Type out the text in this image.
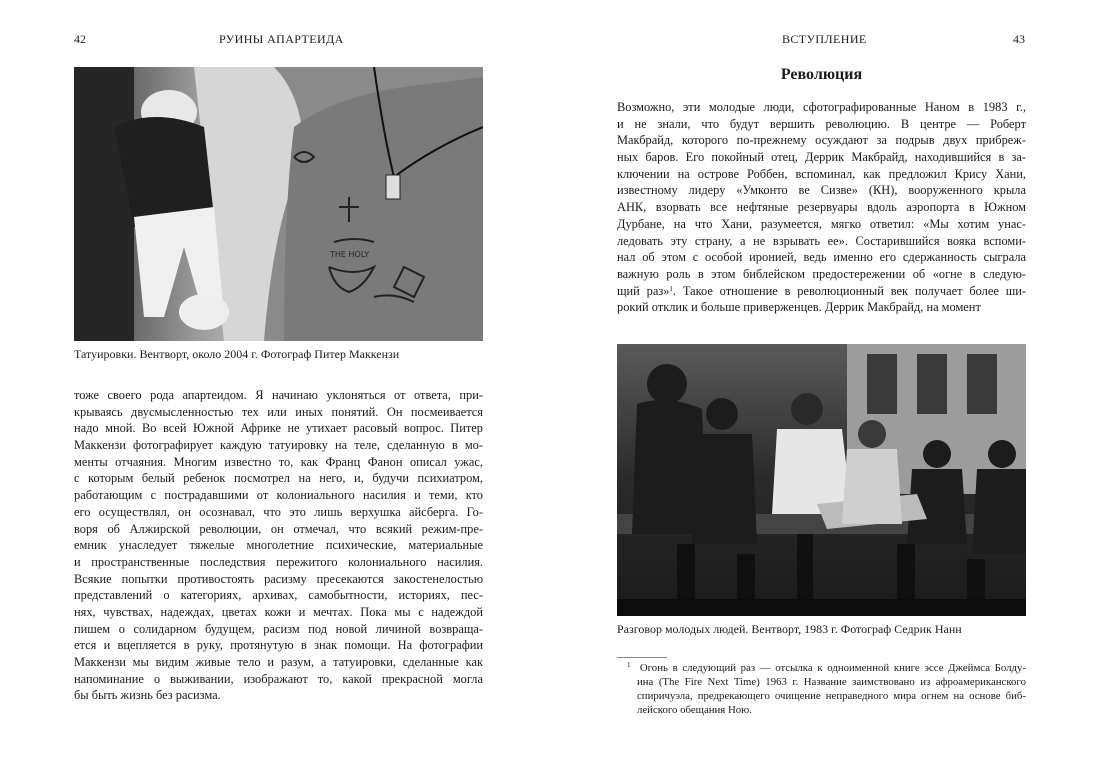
42	РУИНЫ АПАРТЕИДА
THE HOLY
Татуировки. Вентворт, около 2004 г. Фотограф Питер Маккензи
тоже своего рода апартеидом. Я начинаю уклоняться от ответа, при-
крываясь двусмысленностью тех или иных понятий. Он посмеивается
надо мной. Во всей Южной Африке не утихает расовый вопрос. Питер
Маккензи фотографирует каждую татуировку на теле, сделанную в мо-
менты отчаяния. Многим известно то, как Франц Фанон описал ужас,
с которым белый ребенок посмотрел на него, и, будучи психиатром,
работающим с пострадавшими от колониального насилия и теми, кто
его осуществлял, он осознавал, что это лишь верхушка айсберга. Го-
воря об Алжирской революции, он отмечал, что всякий режим-пре-
емник унаследует тяжелые многолетние психические, материальные
и пространственные последствия пережитого колониального насилия.
Всякие попытки противостоять расизму пресекаются закостенелостью
представлений о категориях, архивах, самобытности, историях, пес-
нях, чувствах, надеждах, цветах кожи и мечтах. Пока мы с надеждой
пишем о солидарном будущем, расизм под новой личиной возвраща-
ется и вцепляется в руку, протянутую в знак помощи. На фотографии
Маккензи мы видим живые тело и разум, а татуировки, сделанные как
напоминание о выживании, изображают то, какой прекрасной могла
бы быть жизнь без расизма.
ВСТУПЛЕНИЕ	43
Революция
Возможно, эти молодые люди, сфотографированные Наном в 1983 г.,
и не знали, что будут вершить революцию. В центре — Роберт
Макбрайд, которого по-прежнему осуждают за подрыв двух прибреж-
ных баров. Его покойный отец, Деррик Макбрайд, находившийся в за-
ключении на острове Роббен, вспоминал, как предложил Крису Хани,
известному лидеру «Умконто ве Сизве» (КН), вооруженного крыла
АНК, взорвать все нефтяные резервуары вдоль аэропорта в Южном
Дурбане, на что Хани, разумеется, мягко ответил: «Мы хотим унас-
ледовать эту страну, а не взрывать ее». Состарившийся вояка вспоми-
нал об этом с особой иронией, ведь именно его сдержанность сыграла
важную роль в этом библейском предостережении об «огне в следую-
щий раз»$^1$. Такое отношение в революционный век получает более ши-
рокий отклик и больше приверженцев. Деррик Макбрайд, на момент
Разговор молодых людей. Вентворт, 1983 г. Фотограф Седрик Нанн
$^1$ Огонь в следующий раз — отсылка к одноименной книге эссе Джеймса Болду-
ина (The Fire Next Time) 1963 г. Название заимствовано из афроамериканского
спиричуэла, предрекающего очищение неправедного мира огнем на основе биб-
лейского обещания Ною.
